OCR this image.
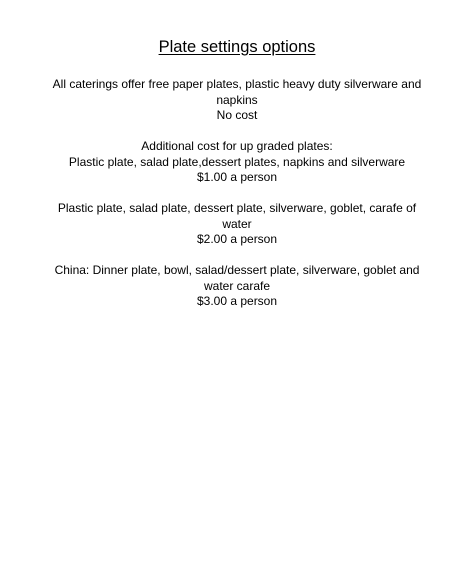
Plate settings options
All caterings offer free paper plates, plastic heavy duty silverware and
napkins
No cost
Additional cost for up graded plates:
Plastic plate, salad plate,dessert plates, napkins and silverware
$1.00 a person
Plastic plate, salad plate, dessert plate, silverware, goblet, carafe of
water
$2.00 a person
China: Dinner plate, bowl, salad/dessert plate, silverware, goblet and
water carafe
$3.00 a person
